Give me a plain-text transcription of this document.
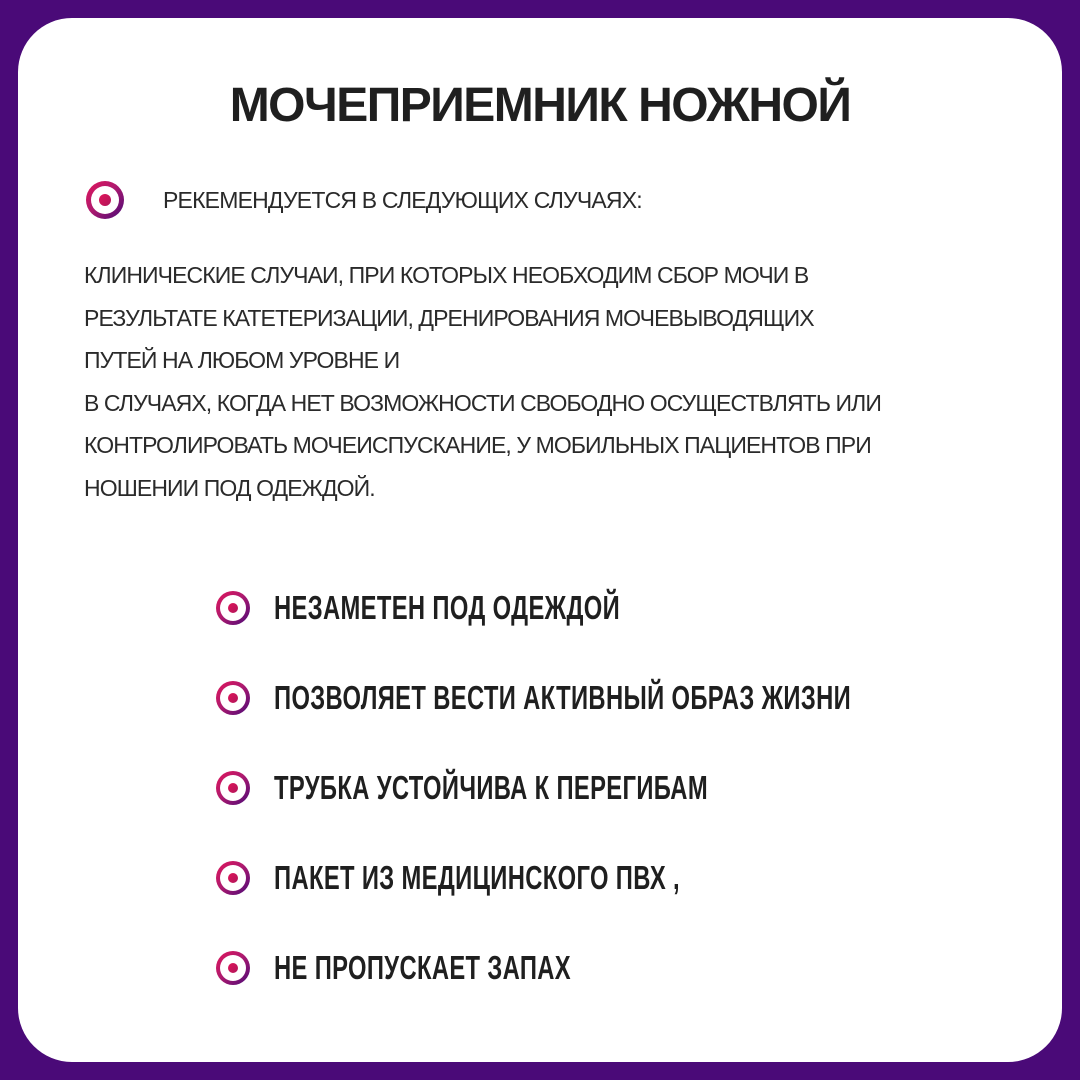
МОЧЕПРИЕМНИК НОЖНОЙ
РЕКЕМЕНДУЕТСЯ В СЛЕДУЮЩИХ СЛУЧАЯХ:
КЛИНИЧЕСКИЕ СЛУЧАИ, ПРИ КОТОРЫХ НЕОБХОДИМ СБОР МОЧИ В
РЕЗУЛЬТАТЕ КАТЕТЕРИЗАЦИИ, ДРЕНИРОВАНИЯ МОЧЕВЫВОДЯЩИХ
ПУТЕЙ НА ЛЮБОМ УРОВНЕ И
В СЛУЧАЯХ, КОГДА НЕТ ВОЗМОЖНОСТИ СВОБОДНО ОСУЩЕСТВЛЯТЬ ИЛИ
КОНТРОЛИРОВАТЬ МОЧЕИСПУСКАНИЕ, У МОБИЛЬНЫХ ПАЦИЕНТОВ ПРИ
НОШЕНИИ ПОД ОДЕЖДОЙ.
НЕЗАМЕТЕН ПОД ОДЕЖДОЙ
ПОЗВОЛЯЕТ ВЕСТИ АКТИВНЫЙ ОБРАЗ ЖИЗНИ
ТРУБКА УСТОЙЧИВА К ПЕРЕГИБАМ
ПАКЕТ ИЗ МЕДИЦИНСКОГО ПВХ ,
НЕ ПРОПУСКАЕТ ЗАПАХ
